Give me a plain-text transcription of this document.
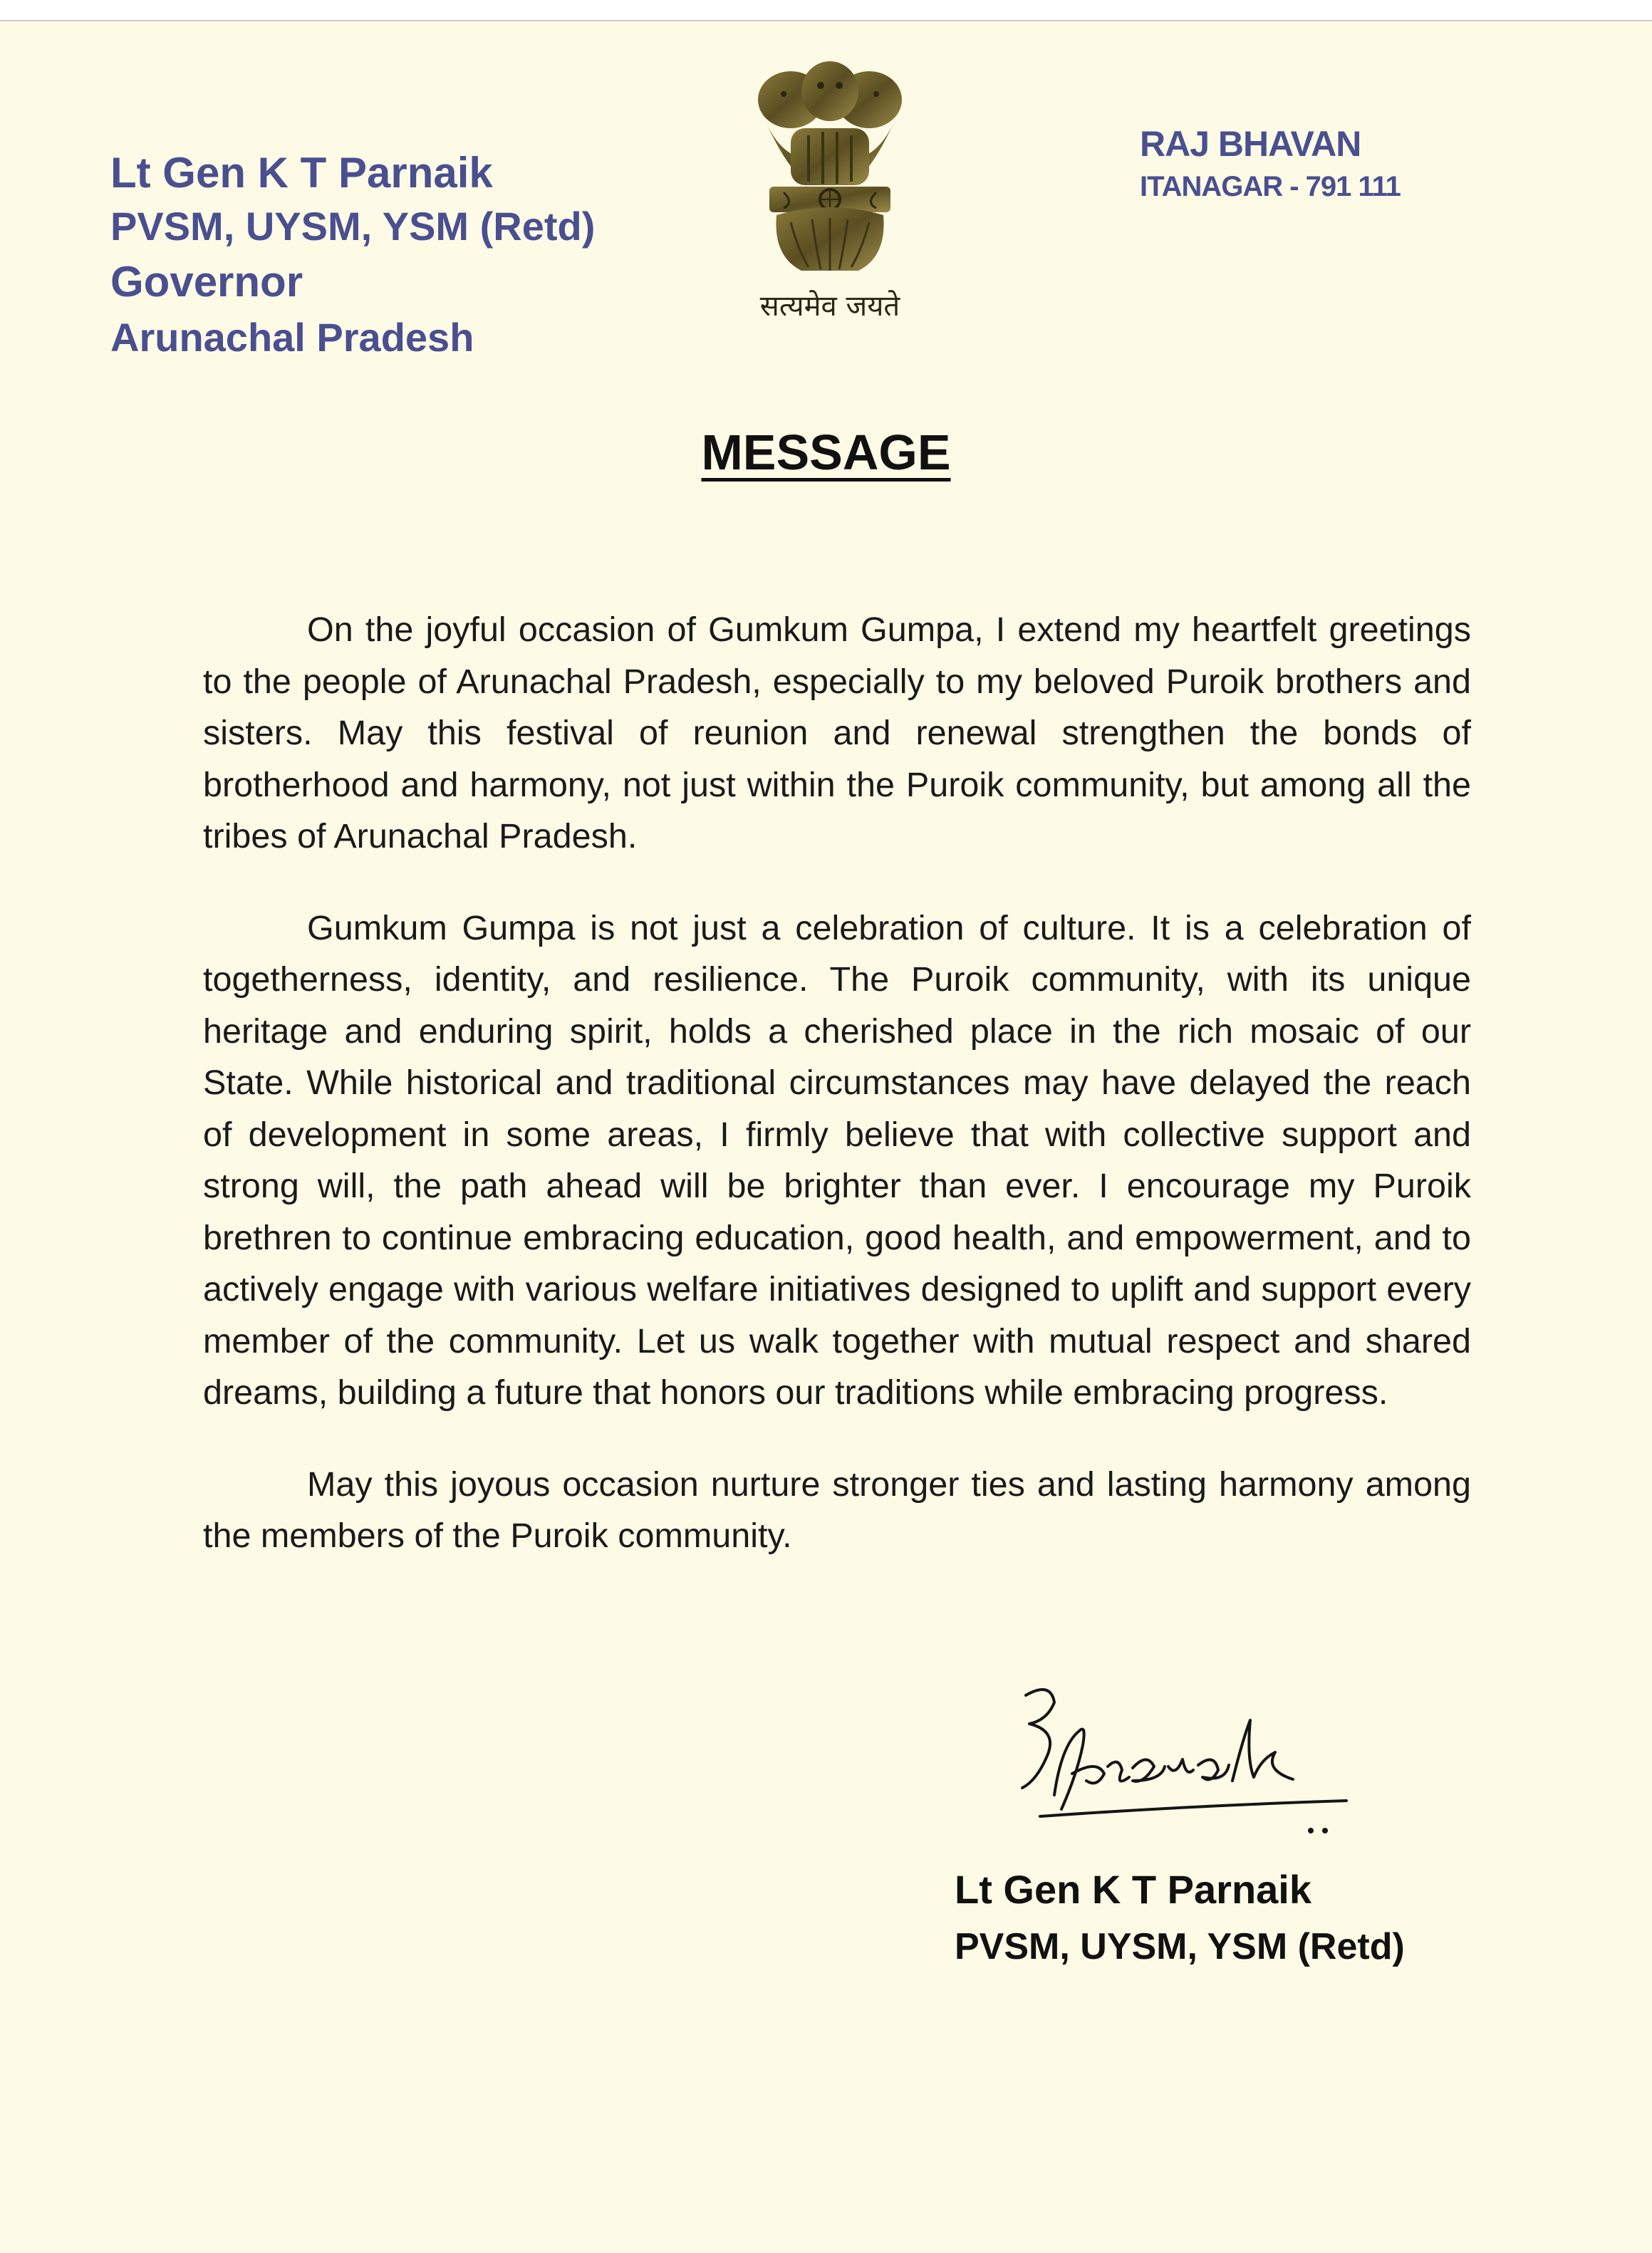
Lt Gen K T Parnaik
PVSM, UYSM, YSM (Retd)
Governor
Arunachal Pradesh
सत्यमेव जयते
RAJ BHAVAN
ITANAGAR - 791 111
MESSAGE

On the joyful occasion of Gumkum Gumpa, I extend my heartfelt greetings to the people of Arunachal Pradesh, especially to my beloved Puroik brothers and sisters. May this festival of reunion and renewal strengthen the bonds of brotherhood and harmony, not just within the Puroik community, but among all the tribes of Arunachal Pradesh.

Gumkum Gumpa is not just a celebration of culture. It is a celebration of togetherness, identity, and resilience. The Puroik community, with its unique heritage and enduring spirit, holds a cherished place in the rich mosaic of our State. While historical and traditional circumstances may have delayed the reach of development in some areas, I firmly believe that with collective support and strong will, the path ahead will be brighter than ever. I encourage my Puroik brethren to continue embracing education, good health, and empowerment, and to actively engage with various welfare initiatives designed to uplift and support every member of the community. Let us walk together with mutual respect and shared dreams, building a future that honors our traditions while embracing progress.

May this joyous occasion nurture stronger ties and lasting harmony among the members of the Puroik community.

Lt Gen K T Parnaik
PVSM, UYSM, YSM (Retd)
